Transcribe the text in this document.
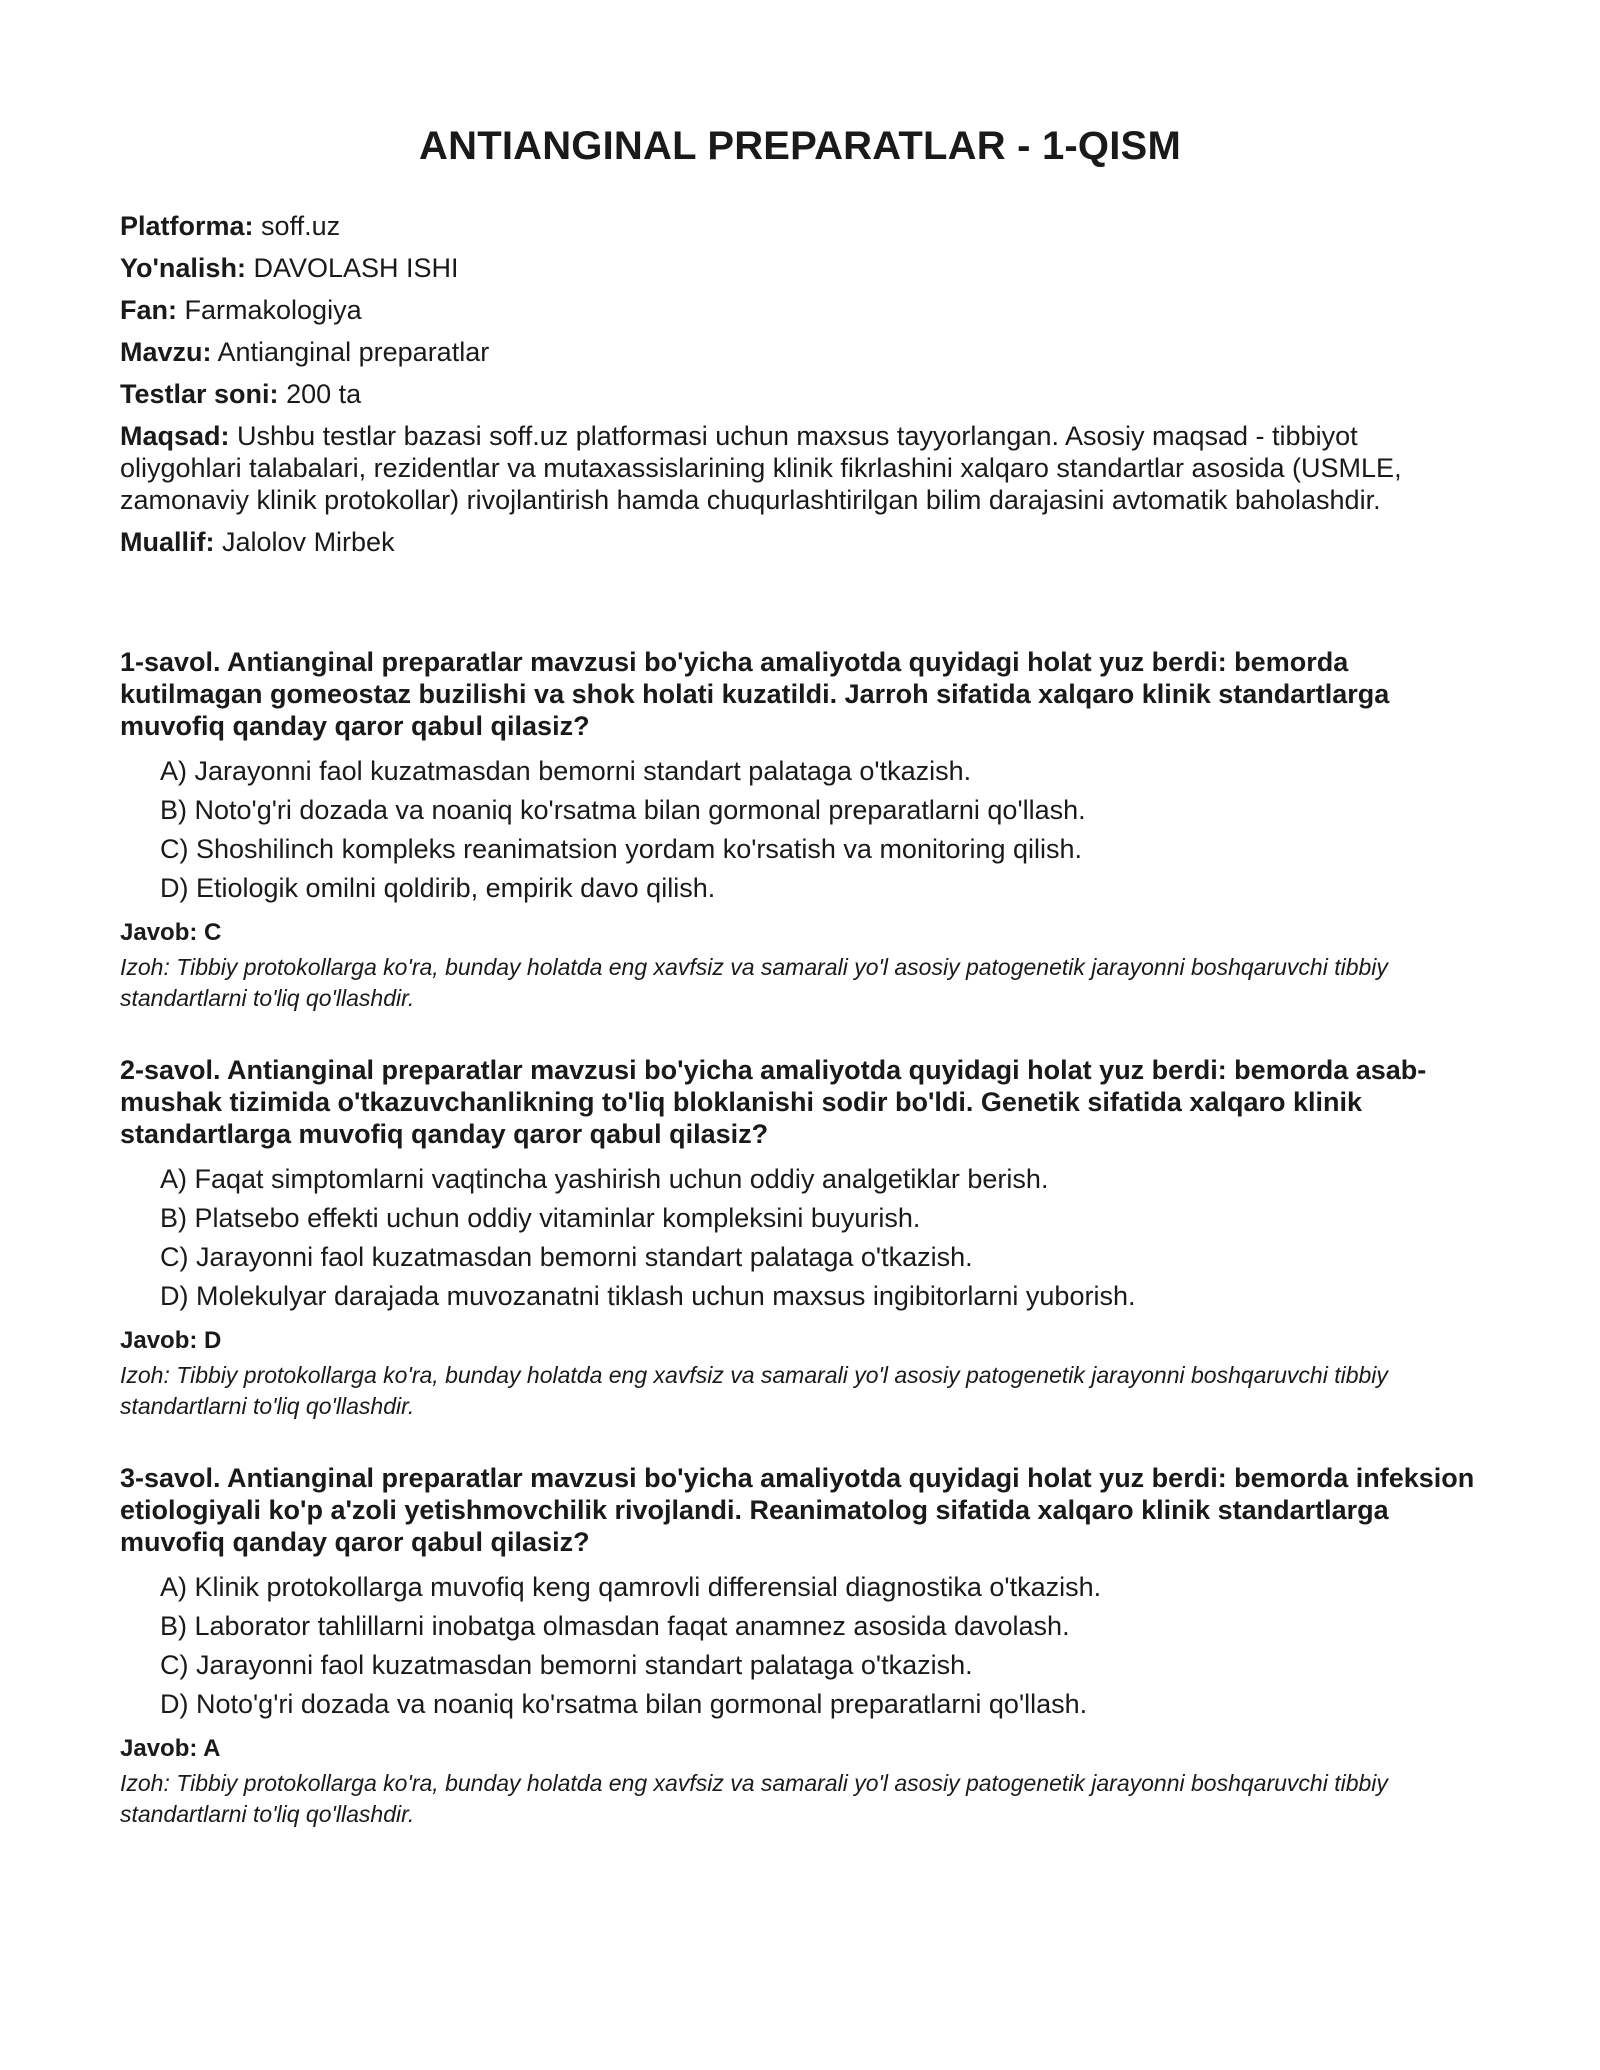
ANTIANGINAL PREPARATLAR - 1-QISM

Platforma: soff.uz

Yo'nalish: DAVOLASH ISHI

Fan: Farmakologiya

Mavzu: Antianginal preparatlar

Testlar soni: 200 ta

Maqsad: Ushbu testlar bazasi soff.uz platformasi uchun maxsus tayyorlangan. Asosiy maqsad - tibbiyot oliygohlari talabalari, rezidentlar va mutaxassislarining klinik fikrlashini xalqaro standartlar asosida (USMLE, zamonaviy klinik protokollar) rivojlantirish hamda chuqurlashtirilgan bilim darajasini avtomatik baholashdir.

Muallif: Jalolov Mirbek

1-savol. Antianginal preparatlar mavzusi bo'yicha amaliyotda quyidagi holat yuz berdi: bemorda kutilmagan gomeostaz buzilishi va shok holati kuzatildi. Jarroh sifatida xalqaro klinik standartlarga muvofiq qanday qaror qabul qilasiz?

A) Jarayonni faol kuzatmasdan bemorni standart palataga o'tkazish.

B) Noto'g'ri dozada va noaniq ko'rsatma bilan gormonal preparatlarni qo'llash.

C) Shoshilinch kompleks reanimatsion yordam ko'rsatish va monitoring qilish.

D) Etiologik omilni qoldirib, empirik davo qilish.

Javob: C

Izoh: Tibbiy protokollarga ko'ra, bunday holatda eng xavfsiz va samarali yo'l asosiy patogenetik jarayonni boshqaruvchi tibbiy standartlarni to'liq qo'llashdir.

2-savol. Antianginal preparatlar mavzusi bo'yicha amaliyotda quyidagi holat yuz berdi: bemorda asab-mushak tizimida o'tkazuvchanlikning to'liq bloklanishi sodir bo'ldi. Genetik sifatida xalqaro klinik standartlarga muvofiq qanday qaror qabul qilasiz?

A) Faqat simptomlarni vaqtincha yashirish uchun oddiy analgetiklar berish.

B) Platsebo effekti uchun oddiy vitaminlar kompleksini buyurish.

C) Jarayonni faol kuzatmasdan bemorni standart palataga o'tkazish.

D) Molekulyar darajada muvozanatni tiklash uchun maxsus ingibitorlarni yuborish.

Javob: D

Izoh: Tibbiy protokollarga ko'ra, bunday holatda eng xavfsiz va samarali yo'l asosiy patogenetik jarayonni boshqaruvchi tibbiy standartlarni to'liq qo'llashdir.

3-savol. Antianginal preparatlar mavzusi bo'yicha amaliyotda quyidagi holat yuz berdi: bemorda infeksion etiologiyali ko'p a'zoli yetishmovchilik rivojlandi. Reanimatolog sifatida xalqaro klinik standartlarga muvofiq qanday qaror qabul qilasiz?

A) Klinik protokollarga muvofiq keng qamrovli differensial diagnostika o'tkazish.

B) Laborator tahlillarni inobatga olmasdan faqat anamnez asosida davolash.

C) Jarayonni faol kuzatmasdan bemorni standart palataga o'tkazish.

D) Noto'g'ri dozada va noaniq ko'rsatma bilan gormonal preparatlarni qo'llash.

Javob: A

Izoh: Tibbiy protokollarga ko'ra, bunday holatda eng xavfsiz va samarali yo'l asosiy patogenetik jarayonni boshqaruvchi tibbiy standartlarni to'liq qo'llashdir.
